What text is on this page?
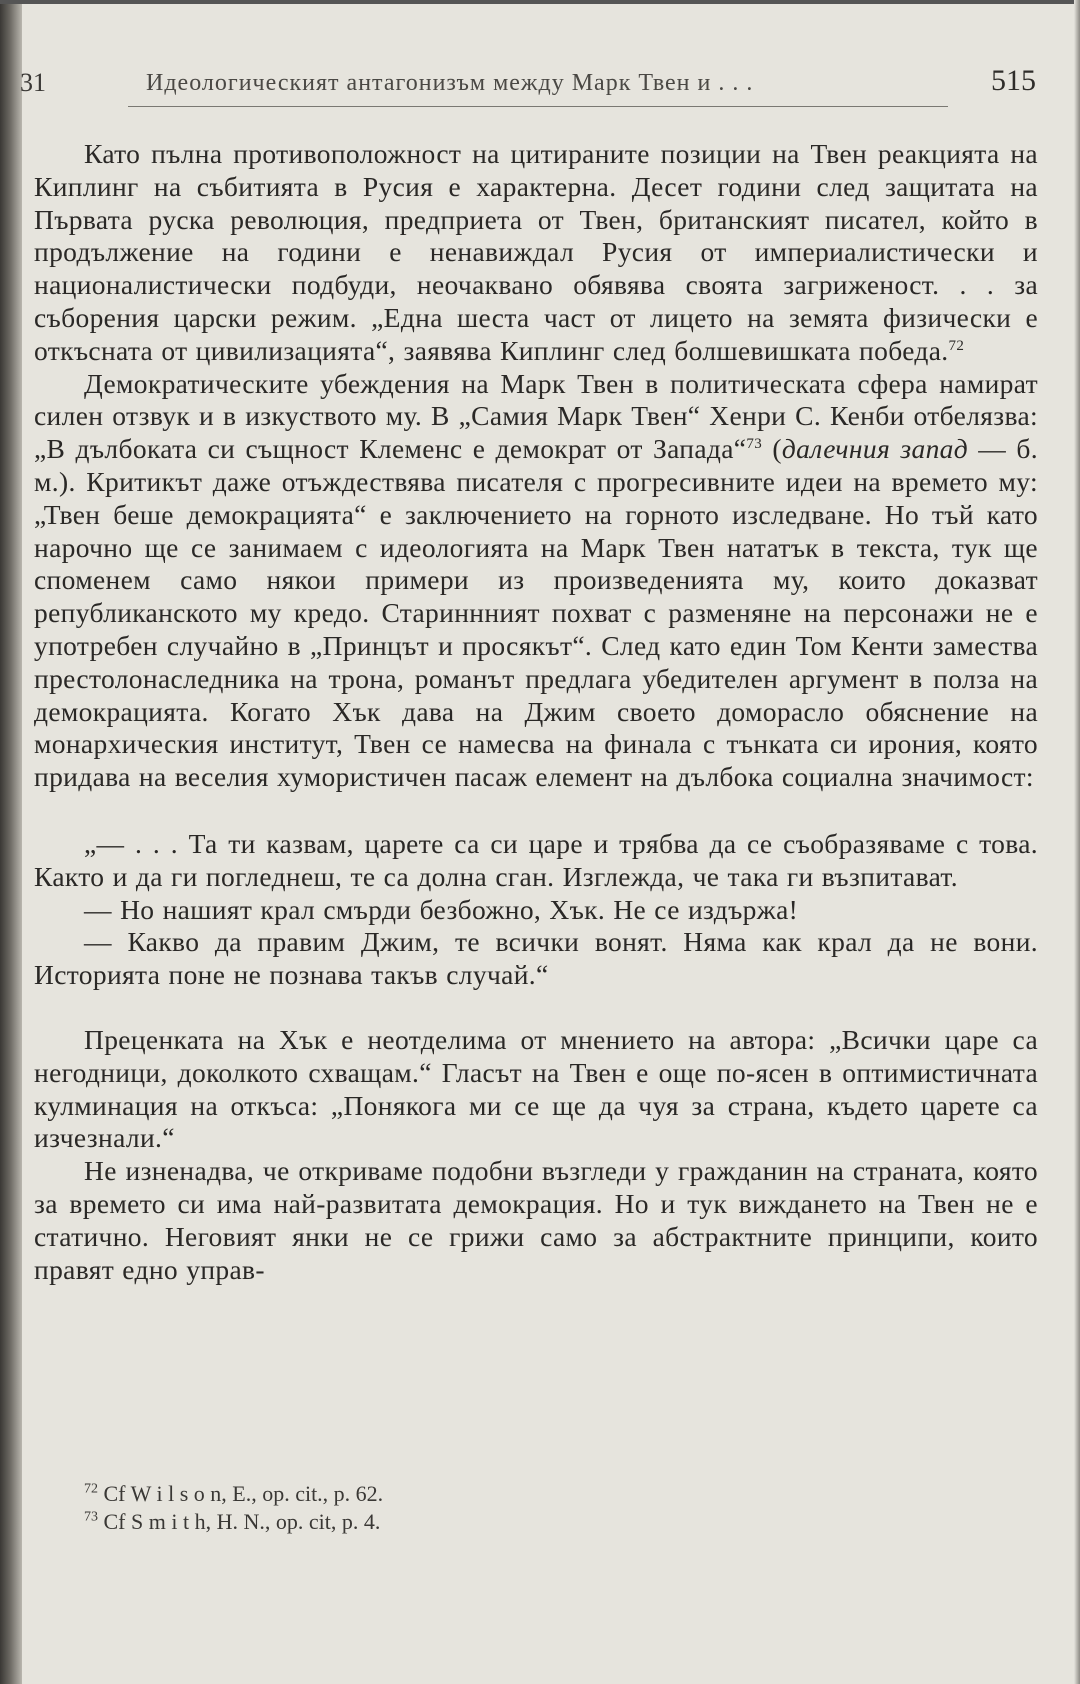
31	Идеологическият антагонизъм между Марк Твен и . . .	515

Като пълна противоположност на цитираните позиции на Твен реакцията на Киплинг на събитията в Русия е характерна. Десет години след защитата на Първата руска революция, предприета от Твен, британският писател, който в продължение на години е ненавиждал Русия от империалистически и националистически подбуди, неочаквано обявява своята загриженост. . . за съборения царски режим. „Една шеста част от лицето на земята физически е откъсната от цивилизацията“, заявява Киплинг след болшевишката победа.$^{72}$

Демократическите убеждения на Марк Твен в политическата сфера намират силен отзвук и в изкуството му. В „Самия Марк Твен“ Хенри С. Кенби отбелязва: „В дълбоката си същност Клеменс е демократ от Запада“$^{73}$ (далечния запад — б. м.). Критикът даже отъждествява писателя с прогресивните идеи на времето му: „Твен беше демокрацията“ е заключението на горното изследване. Но тъй като нарочно ще се занимаем с идеологията на Марк Твен нататък в текста, тук ще споменем само някои примери из произведенията му, които доказват републиканското му кредо. Стариннният похват с разменяне на персонажи не е употребен случайно в „Принцът и просякът“. След като един Том Кенти замества престолонаследника на трона, романът предлага убедителен аргумент в полза на демокрацията. Когато Хък дава на Джим своето доморасло обяснение на монархическия институт, Твен се намесва на финала с тънката си ирония, която придава на веселия хумористичен пасаж елемент на дълбока социална значимост:

„— . . . Та ти казвам, царете са си царе и трябва да се съобразяваме с това. Както и да ги погледнеш, те са долна сган. Изглежда, че така ги възпитават.

— Но нашият крал смърди безбожно, Хък. Не се издържа!

— Какво да правим Джим, те всички вонят. Няма как крал да не вони. Историята поне не познава такъв случай.“

Преценката на Хък е неотделима от мнението на автора: „Всички царе са негодници, доколкото схващам.“ Гласът на Твен е още по-ясен в оптимистичната кулминация на откъса: „Понякога ми се ще да чуя за страна, където царете са изчезнали.“

Не изненадва, че откриваме подобни възгледи у гражданин на страната, която за времето си има най-развитата демокрация. Но и тук виждането на Твен не е статично. Неговият янки не се грижи само за абстрактните принципи, които правят едно управ-

$^{72}$ Cf W i l s o n, E., op. cit., p. 62.
$^{73}$ Cf S m i t h, H. N., op. cit, p. 4.
